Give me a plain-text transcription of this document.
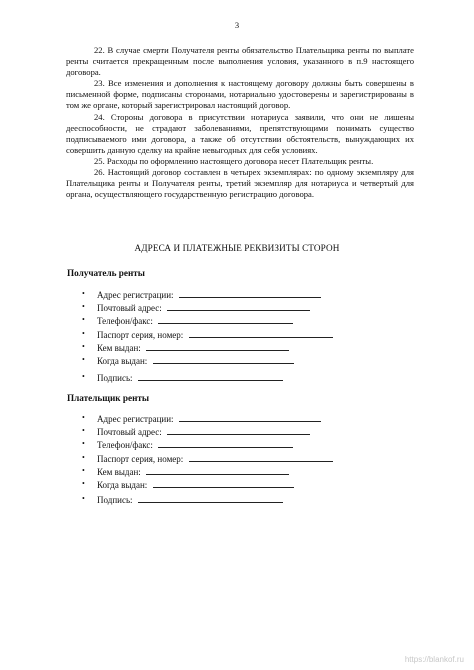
3

22. В случае смерти Получателя ренты обязательство Плательщика ренты по выплате ренты считается прекращенным после выполнения условия, указанного в п.9 настоящего договора.

23. Все изменения и дополнения к настоящему договору должны быть совершены в письменной форме, подписаны сторонами, нотариально удостоверены и зарегистрированы в том же органе, который зарегистрировал настоящий договор.

24. Стороны договора в присутствии нотариуса заявили, что они не лишены дееспособности, не страдают заболеваниями, препятствующими понимать существо подписываемого ими договора, а также об отсутствии обстоятельств, вынуждающих их совершить данную сделку на крайне невыгодных для себя условиях.

25. Расходы по оформлению настоящего договора несет Плательщик ренты.

26. Настоящий договор составлен в четырех экземплярах: по одному экземпляру для Плательщика ренты и Получателя ренты, третий экземпляр для нотариуса и четвертый для органа, осуществляющего государственную регистрацию договора.

АДРЕСА И ПЛАТЕЖНЫЕ РЕКВИЗИТЫ СТОРОН
Получатель ренты
• Адрес регистрации:
• Почтовый адрес:
• Телефон/факс:
• Паспорт серия, номер:
• Кем выдан:
• Когда выдан:
• Подпись:
Плательщик ренты
• Адрес регистрации:
• Почтовый адрес:
• Телефон/факс:
• Паспорт серия, номер:
• Кем выдан:
• Когда выдан:
• Подпись:
https://blankof.ru
